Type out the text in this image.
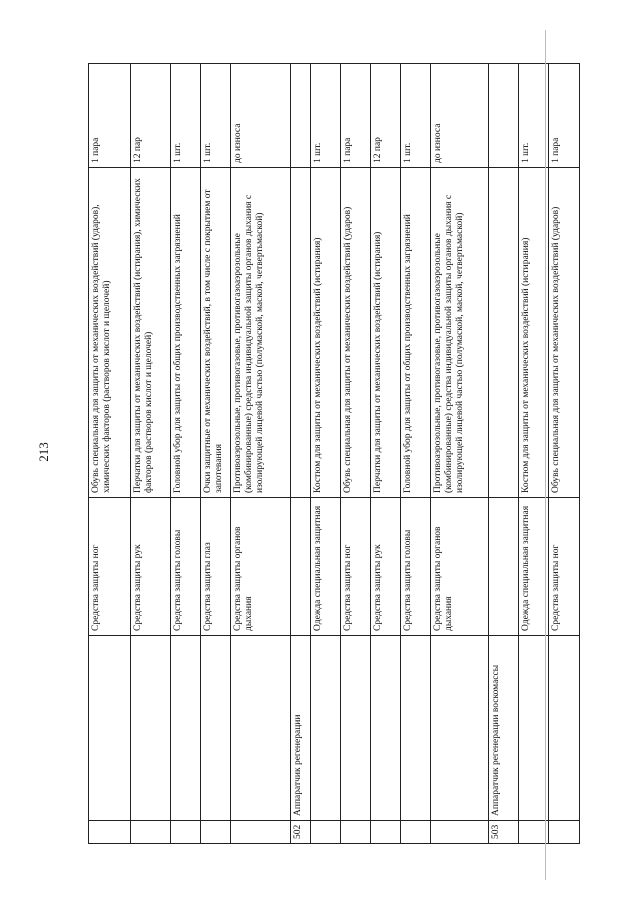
213
		Средства защиты ног	Обувь специальная для защиты от механических воздействий (ударов), химических факторов (растворов кислот и щелочей)	1 пара
		Средства защиты рук	Перчатки для защиты от механических воздействий (истирания), химических факторов (растворов кислот и щелочей)	12 пар
		Средства защиты головы	Головной убор для защиты от общих производственных загрязнений	1 шт.
		Средства защиты глаз	Очки защитные от механических воздействий, в том числе с покрытием от запотевания	1 шт.
		Средства защиты органов дыхания	Противоаэрозольные, противогазовые, противогазоаэрозольные (комбинированные) средства индивидуальной защиты органов дыхания с изолирующей лицевой частью (полумаской, маской, четвертьмаской)	до износа
502	Аппаратчик регенерации			
		Одежда специальная защитная	Костюм для защиты от механических воздействий (истирания)	1 шт.
		Средства защиты ног	Обувь специальная для защиты от механических воздействий (ударов)	1 пара
		Средства защиты рук	Перчатки для защиты от механических воздействий (истирания)	12 пар
		Средства защиты головы	Головной убор для защиты от общих производственных загрязнений	1 шт.
		Средства защиты органов дыхания	Противоаэрозольные, противогазовые, противогазоаэрозольные (комбинированные) средства индивидуальной защиты органов дыхания с изолирующей лицевой частью (полумаской, маской, четвертьмаской)	до износа
503	Аппаратчик регенерации воскомассы			
		Одежда специальная защитная	Костюм для защиты от механических воздействий (истирания)	1 шт.
		Средства защиты ног	Обувь специальная для защиты от механических воздействий (ударов)	1 пара
